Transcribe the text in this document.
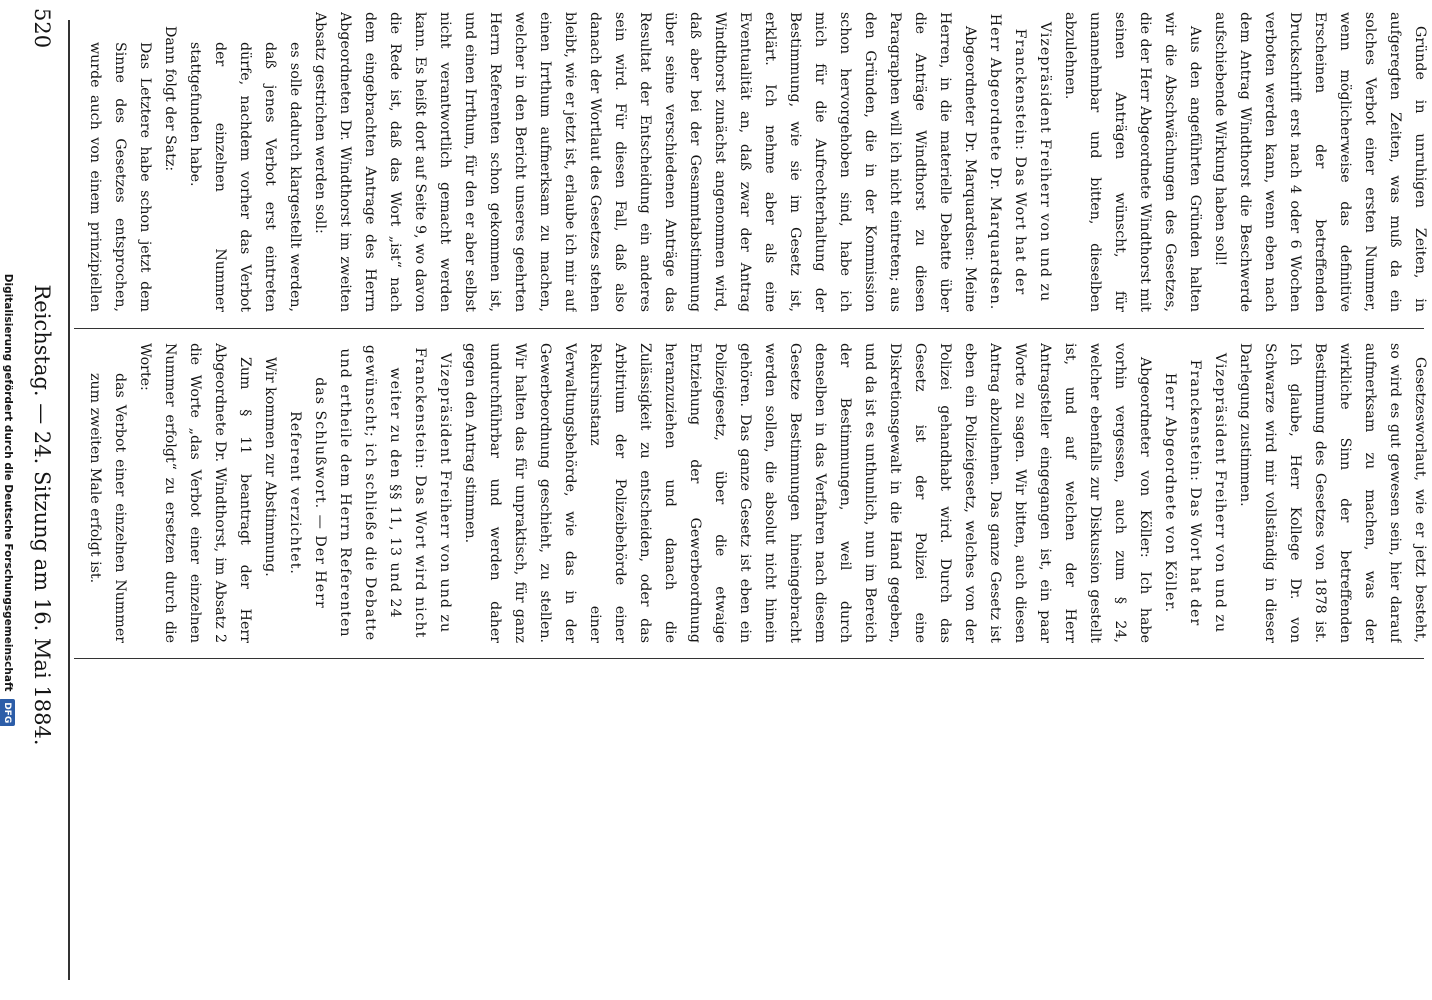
520
Reichstag. — 24. Sitzung am 16. Mai 1884.

Gründe in unruhigen Zeiten, in aufgeregten Zeiten, was muß da ein solches Verbot einer ersten Nummer, wenn möglicherweise das definitive Erscheinen der betreffenden Druckschrift erst nach 4 oder 6 Wochen verboten werden kann, wenn eben nach dem Antrag Windthorst die Beschwerde aufschiebende Wirkung haben soll!

Aus den angeführten Gründen halten wir die Abschwächungen des Gesetzes, die der Herr Abgeordnete Windthorst mit seinen Anträgen wünscht, für unannehmbar und bitten, dieselben abzulehnen.

Vizepräsident Freiherr von und zu Franckenstein: Das Wort hat der Herr Abgeordnete Dr. Marquardsen.

Abgeordneter Dr. Marquardsen: Meine Herren, in die materielle Debatte über die Anträge Windthorst zu diesen Paragraphen will ich nicht eintreten; aus den Gründen, die in der Kommission schon hervorgehoben sind, habe ich mich für die Aufrechterhaltung der Bestimmung, wie sie im Gesetz ist, erklärt. Ich nehme aber als eine Eventualität an, daß zwar der Antrag Windthorst zunächst angenommen wird, daß aber bei der Gesammtabstimmung über seine verschiedenen Anträge das Resultat der Entscheidung ein anderes sein wird. Für diesen Fall, daß also danach der Wortlaut des Gesetzes stehen bleibt, wie er jetzt ist, erlaube ich mir auf einen Irrthum aufmerksam zu machen, welcher in den Bericht unseres geehrten Herrn Referenten schon gekommen ist, und einen Irrthum, für den er aber selbst nicht verantwortlich gemacht werden kann. Es heißt dort auf Seite 9, wo davon die Rede ist, daß das Wort „ist“ nach dem eingebrachten Antrage des Herrn Abgeordneten Dr. Windthorst im zweiten Absatz gestrichen werden soll:

es solle dadurch klargestellt werden, daß jenes Verbot erst eintreten dürfe, nachdem vorher das Verbot der einzelnen Nummer stattgefunden habe.

Dann folgt der Satz:

Das Letztere habe schon jetzt dem Sinne des Gesetzes entsprochen, wurde auch von einem prinzipiellen

Gesetzesworlaut, wie er jetzt besteht, so wird es gut gewesen sein, hier darauf aufmerksam zu machen, was der wirkliche Sinn der betreffenden Bestimmung des Gesetzes von 1878 ist. Ich glaube, Herr Kollege Dr. von Schwarze wird mir vollständig in dieser Darlegung zustimmen.

Vizepräsident Freiherr von und zu Franckenstein: Das Wort hat der Herr Abgeordnete von Köller.

Abgeordneter von Köller: Ich habe vorhin vergessen, auch zum § 24, welcher ebenfalls zur Diskussion gestellt ist, und auf welchen der Herr Antragsteller eingegangen ist, ein paar Worte zu sagen. Wir bitten, auch diesen Antrag abzulehnen. Das ganze Gesetz ist eben ein Polizeigesetz, welches von der Polizei gehandhabt wird. Durch das Gesetz ist der Polizei eine Diskretionsgewalt in die Hand gegeben, und da ist es unthunlich, nun im Bereich der Bestimmungen, weil durch denselben in das Verfahren nach diesem Gesetze Bestimmungen hineingebracht werden sollen, die absolut nicht hinein gehören. Das ganze Gesetz ist eben ein Polizeigesetz, über die etwaige Entziehung der Gewerbeordnung heranzuziehen und danach die Zulässigkeit zu entscheiden, oder das Arbitrium der Polizeibehörde einer Rekursinstanz einer Verwaltungsbehörde, wie das in der Gewerbeordnung geschieht, zu stellen. Wir halten das für unpraktisch, für ganz undurchführbar und werden daher gegen den Antrag stimmen.

Vizepräsident Freiherr von und zu Franckenstein: Das Wort wird nicht weiter zu den §§ 11, 13 und 24 gewünscht; ich schließe die Debatte und ertheile dem Herrn Referenten das Schlußwort. — Der Herr Referent verzichtet.

Wir kommen zur Abstimmung.

Zum § 11 beantragt der Herr Abgeordnete Dr. Windthorst, im Absatz 2 die Worte „das Verbot einer einzelnen Nummer erfolgt“ zu ersetzen durch die Worte:

das Verbot einer einzelnen Nummer zum zweiten Male erfolgt ist.

Digitalisierung gefördert durch die Deutsche Forschungsgemeinschaft DFG
